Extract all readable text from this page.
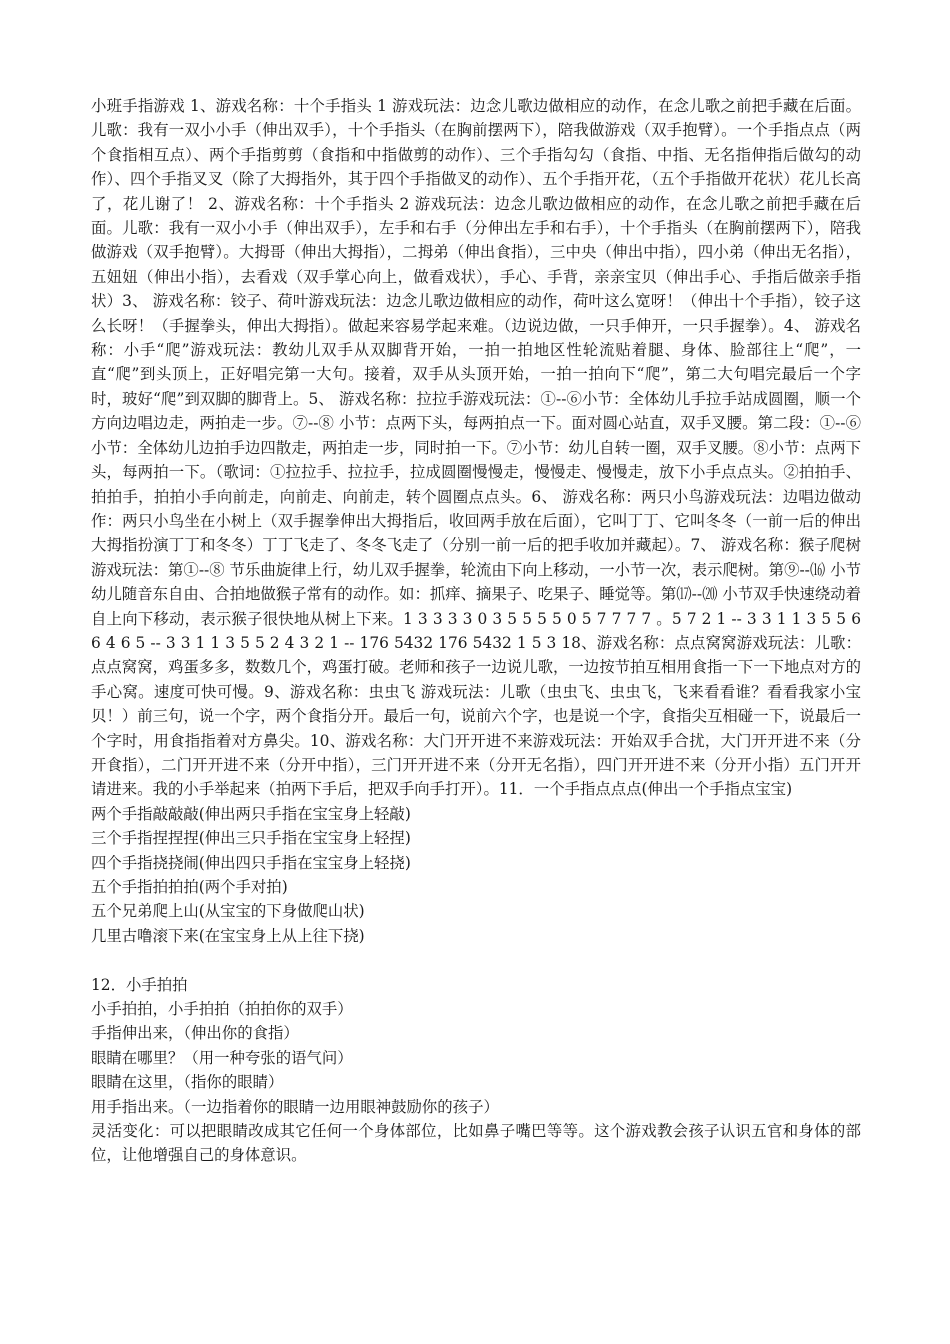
小班手指游戏 1、游戏名称：十个手指头 1 游戏玩法：边念儿歌边做相应的动作，在念儿歌之前把手藏在后面。儿歌：我有一双小小手（伸出双手），十个手指头（在胸前摆两下），陪我做游戏（双手抱臂）。一个手指点点（两个食指相互点）、两个手指剪剪（食指和中指做剪的动作）、三个手指勾勾（食指、中指、无名指伸指后做勾的动作）、四个手指叉叉（除了大拇指外，其于四个手指做叉的动作）、五个手指开花，（五个手指做开花状）花儿长高了，花儿谢了！ 2、游戏名称：十个手指头 2 游戏玩法：边念儿歌边做相应的动作，在念儿歌之前把手藏在后面。儿歌：我有一双小小手（伸出双手），左手和右手（分伸出左手和右手），十个手指头（在胸前摆两下），陪我做游戏（双手抱臂）。大拇哥（伸出大拇指），二拇弟（伸出食指），三中央（伸出中指），四小弟（伸出无名指），五妞妞（伸出小指），去看戏（双手掌心向上，做看戏状），手心、手背，亲亲宝贝（伸出手心、手指后做亲手指状）3、 游戏名称：铰子、荷叶游戏玩法：边念儿歌边做相应的动作，荷叶这么宽呀！（伸出十个手指），铰子这么长呀！（手握拳头，伸出大拇指）。做起来容易学起来难。（边说边做，一只手伸开，一只手握拳）。4、 游戏名称：小手“爬”游戏玩法：教幼儿双手从双脚背开始，一拍一拍地区性轮流贴着腿、身体、脸部往上“爬”，一直“爬”到头顶上，正好唱完第一大句。接着，双手从头顶开始，一拍一拍向下“爬”，第二大句唱完最后一个字时，玻好“爬”到双脚的脚背上。5、 游戏名称：拉拉手游戏玩法：①--⑥小节：全体幼儿手拉手站成圆圈，顺一个方向边唱边走，两拍走一步。⑦--⑧ 小节：点两下头，每两拍点一下。面对圆心站直，双手叉腰。第二段：①--⑥ 小节：全体幼儿边拍手边四散走，两拍走一步，同时拍一下。⑦小节：幼儿自转一圈，双手叉腰。⑧小节：点两下头，每两拍一下。（歌词：①拉拉手、拉拉手，拉成圆圈慢慢走，慢慢走、慢慢走，放下小手点点头。②拍拍手、拍拍手，拍拍小手向前走，向前走、向前走，转个圆圈点点头。6、 游戏名称：两只小鸟游戏玩法：边唱边做动作：两只小鸟坐在小树上（双手握拳伸出大拇指后，收回两手放在后面），它叫丁丁、它叫冬冬（一前一后的伸出大拇指扮演丁丁和冬冬）丁丁飞走了、冬冬飞走了（分别一前一后的把手收加并藏起）。7、 游戏名称：猴子爬树游戏玩法：第①--⑧ 节乐曲旋律上行，幼儿双手握拳，轮流由下向上移动，一小节一次，表示爬树。第⑨--⒃ 小节幼儿随音东自由、合拍地做猴子常有的动作。如：抓痒、摘果子、吃果子、睡觉等。第⒄--⒇ 小节双手快速绕动着自上向下移动，表示猴子很快地从树上下来。1 3 3 3 3 0 3 5 5 5 5 0 5 7 7 7 7 。5 7 2 1 -- 3 3 1 1 3 5 5 6 6 4 6 5 -- 3 3 1 1 3 5 5 2 4 3 2 1 -- 176 5432 176 5432 1 5 3 18、游戏名称：点点窝窝游戏玩法：儿歌：点点窝窝，鸡蛋多多，数数几个，鸡蛋打破。老师和孩子一边说儿歌，一边按节拍互相用食指一下一下地点对方的手心窝。速度可快可慢。9、游戏名称：虫虫飞 游戏玩法：儿歌（虫虫飞、虫虫飞，飞来看看谁？看看我家小宝贝！）前三句，说一个字，两个食指分开。最后一句，说前六个字，也是说一个字，食指尖互相碰一下，说最后一个字时，用食指指着对方鼻尖。10、游戏名称：大门开开进不来游戏玩法：开始双手合扰，大门开开进不来（分开食指），二门开开进不来（分开中指），三门开开进不来（分开无名指），四门开开进不来（分开小指）五门开开请进来。我的小手举起来（拍两下手后，把双手向手打开）。11．一个手指点点点(伸出一个手指点宝宝)

两个手指敲敲敲(伸出两只手指在宝宝身上轻敲)

三个手指捏捏捏(伸出三只手指在宝宝身上轻捏)

四个手指挠挠闹(伸出四只手指在宝宝身上轻挠)

五个手指拍拍拍(两个手对拍)

五个兄弟爬上山(从宝宝的下身做爬山状)

几里古噜滚下来(在宝宝身上从上往下挠)

12．小手拍拍

小手拍拍，小手拍拍（拍拍你的双手）

手指伸出来，（伸出你的食指）

眼睛在哪里？（用一种夸张的语气问）

眼睛在这里，（指你的眼睛）

用手指出来。（一边指着你的眼睛一边用眼神鼓励你的孩子）

灵活变化：可以把眼睛改成其它任何一个身体部位，比如鼻子嘴巴等等。这个游戏教会孩子认识五官和身体的部位，让他增强自己的身体意识。
